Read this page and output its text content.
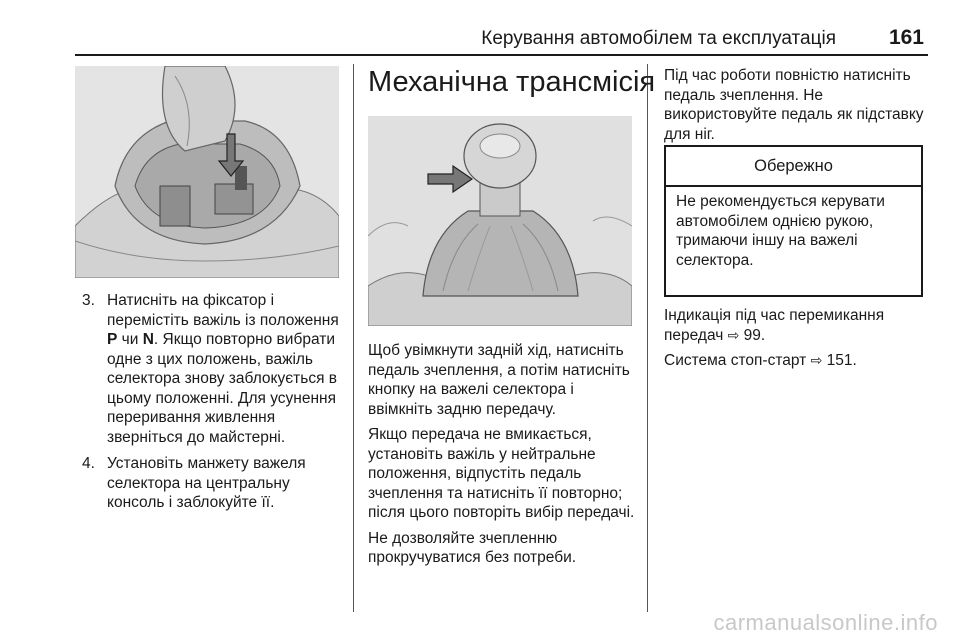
Керування автомобілем та експлуатація	161
3. Натисніть на фіксатор і перемістіть важіль із положення P чи N. Якщо повторно вибрати одне з цих положень, важіль селектора знову заблокується в цьому положенні. Для усунення переривання живлення зверніться до майстерні.
4. Установіть манжету важеля селектора на центральну консоль і заблокуйте її.
Механічна трансмісія

Щоб увімкнути задній хід, натисніть педаль зчеплення, а потім натисніть кнопку на важелі селектора і ввімкніть задню передачу.

Якщо передача не вмикається, установіть важіль у нейтральне положення, відпустіть педаль зчеплення та натисніть її повторно; після цього повторіть вибір передачі.

Не дозволяйте зчепленню прокручуватися без потреби.

Під час роботи повністю натисніть педаль зчеплення. Не використовуйте педаль як підставку для ніг.

Обережно
Не рекомендується керувати автомобілем однією рукою, тримаючи іншу на важелі селектора.

Індикація під час перемикання передач ⇨ 99.

Система стоп-старт ⇨ 151.

carmanualsonline.info
